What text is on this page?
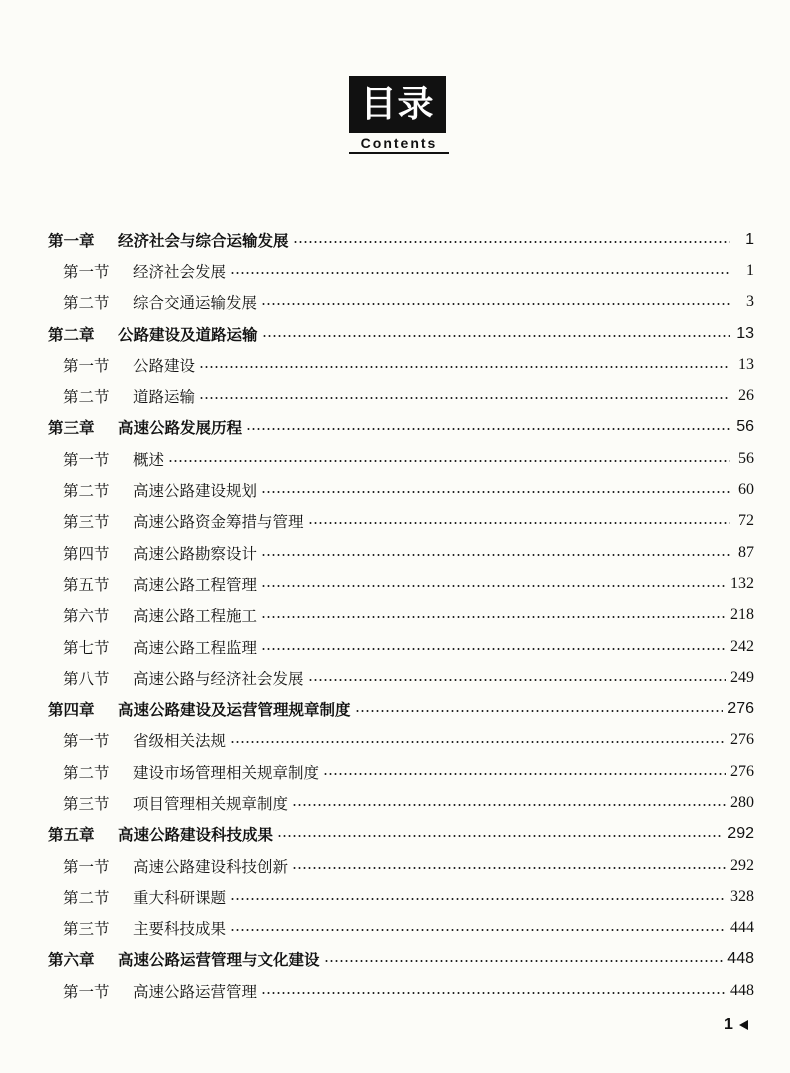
目录
Contents
第一章	经济社会与综合运输发展	1
第一节	经济社会发展	1
第二节	综合交通运输发展	3
第二章	公路建设及道路运输	13
第一节	公路建设	13
第二节	道路运输	26
第三章	高速公路发展历程	56
第一节	概述	56
第二节	高速公路建设规划	60
第三节	高速公路资金筹措与管理	72
第四节	高速公路勘察设计	87
第五节	高速公路工程管理	132
第六节	高速公路工程施工	218
第七节	高速公路工程监理	242
第八节	高速公路与经济社会发展	249
第四章	高速公路建设及运营管理规章制度	276
第一节	省级相关法规	276
第二节	建设市场管理相关规章制度	276
第三节	项目管理相关规章制度	280
第五章	高速公路建设科技成果	292
第一节	高速公路建设科技创新	292
第二节	重大科研课题	328
第三节	主要科技成果	444
第六章	高速公路运营管理与文化建设	448
第一节	高速公路运营管理	448
1
